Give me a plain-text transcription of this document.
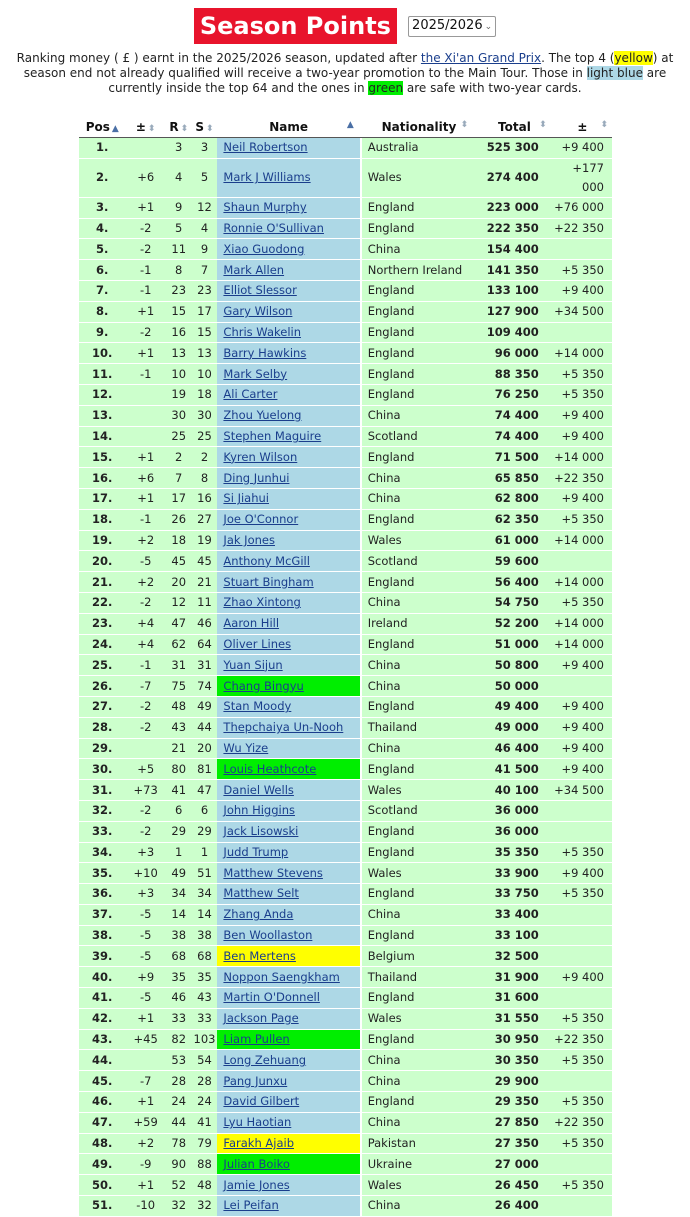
Season Points 2025/2026 ⌄
Ranking money ( £ ) earnt in the 2025/2026 season, updated after the Xi'an Grand Prix. The top 4 (yellow) at season end not already qualified will receive a two-year promotion to the Main Tour. Those in light blue are currently inside the top 64 and the ones in green are safe with two-year cards.
Pos ▲	± ⬍	R ⬍	S ⬍	Name ▲		Nationality ⬍	Total ⬍	± ⬍

1.		3	3	Neil Robertson		Australia	525 300	+9 400
2.	+6	4	5	Mark J Williams		Wales	274 400	+177 000
3.	+1	9	12	Shaun Murphy		England	223 000	+76 000
4.	-2	5	4	Ronnie O'Sullivan		England	222 350	+22 350
5.	-2	11	9	Xiao Guodong		China	154 400	
6.	-1	8	7	Mark Allen		Northern Ireland	141 350	+5 350
7.	-1	23	23	Elliot Slessor		England	133 100	+9 400
8.	+1	15	17	Gary Wilson		England	127 900	+34 500
9.	-2	16	15	Chris Wakelin		England	109 400	
10.	+1	13	13	Barry Hawkins		England	96 000	+14 000
11.	-1	10	10	Mark Selby		England	88 350	+5 350
12.		19	18	Ali Carter		England	76 250	+5 350
13.		30	30	Zhou Yuelong		China	74 400	+9 400
14.		25	25	Stephen Maguire		Scotland	74 400	+9 400
15.	+1	2	2	Kyren Wilson		England	71 500	+14 000
16.	+6	7	8	Ding Junhui		China	65 850	+22 350
17.	+1	17	16	Si Jiahui		China	62 800	+9 400
18.	-1	26	27	Joe O'Connor		England	62 350	+5 350
19.	+2	18	19	Jak Jones		Wales	61 000	+14 000
20.	-5	45	45	Anthony McGill		Scotland	59 600	
21.	+2	20	21	Stuart Bingham		England	56 400	+14 000
22.	-2	12	11	Zhao Xintong		China	54 750	+5 350
23.	+4	47	46	Aaron Hill		Ireland	52 200	+14 000
24.	+4	62	64	Oliver Lines		England	51 000	+14 000
25.	-1	31	31	Yuan Sijun		China	50 800	+9 400
26.	-7	75	74	Chang Bingyu		China	50 000	
27.	-2	48	49	Stan Moody		England	49 400	+9 400
28.	-2	43	44	Thepchaiya Un-Nooh		Thailand	49 000	+9 400
29.		21	20	Wu Yize		China	46 400	+9 400
30.	+5	80	81	Louis Heathcote		England	41 500	+9 400
31.	+73	41	47	Daniel Wells		Wales	40 100	+34 500
32.	-2	6	6	John Higgins		Scotland	36 000	
33.	-2	29	29	Jack Lisowski		England	36 000	
34.	+3	1	1	Judd Trump		England	35 350	+5 350
35.	+10	49	51	Matthew Stevens		Wales	33 900	+9 400
36.	+3	34	34	Matthew Selt		England	33 750	+5 350
37.	-5	14	14	Zhang Anda		China	33 400	
38.	-5	38	38	Ben Woollaston		England	33 100	
39.	-5	68	68	Ben Mertens		Belgium	32 500	
40.	+9	35	35	Noppon Saengkham		Thailand	31 900	+9 400
41.	-5	46	43	Martin O'Donnell		England	31 600	
42.	+1	33	33	Jackson Page		Wales	31 550	+5 350
43.	+45	82	103	Liam Pullen		England	30 950	+22 350
44.		53	54	Long Zehuang		China	30 350	+5 350
45.	-7	28	28	Pang Junxu		China	29 900	
46.	+1	24	24	David Gilbert		England	29 350	+5 350
47.	+59	44	41	Lyu Haotian		China	27 850	+22 350
48.	+2	78	79	Farakh Ajaib		Pakistan	27 350	+5 350
49.	-9	90	88	Julian Boiko		Ukraine	27 000	
50.	+1	52	48	Jamie Jones		Wales	26 450	+5 350
51.	-10	32	32	Lei Peifan		China	26 400	
